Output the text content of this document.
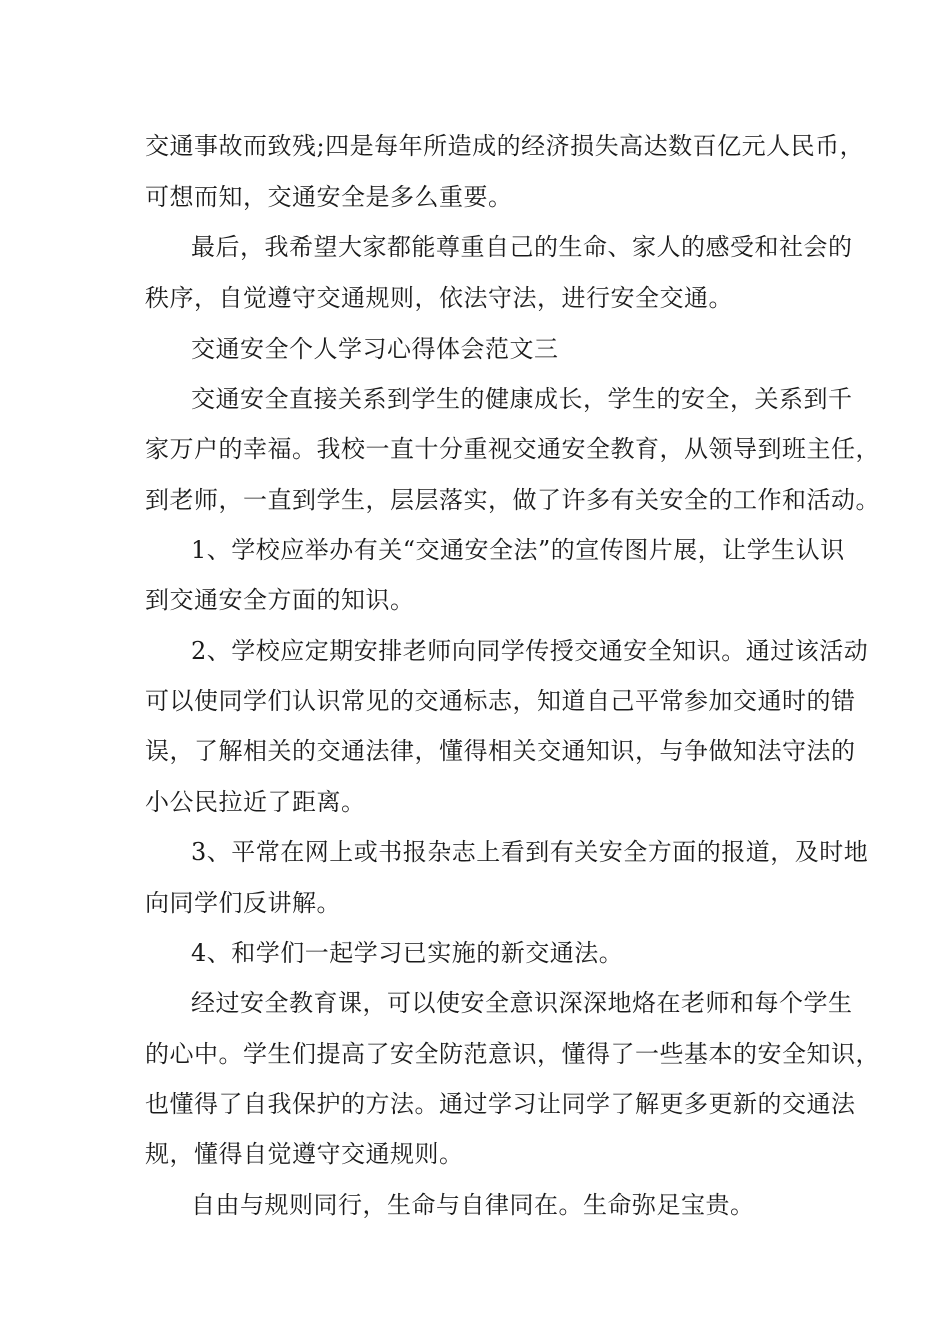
交通事故而致残;四是每年所造成的经济损失高达数百亿元人民币，
可想而知，交通安全是多么重要。
最后，我希望大家都能尊重自己的生命、家人的感受和社会的
秩序，自觉遵守交通规则，依法守法，进行安全交通。
交通安全个人学习心得体会范文三
交通安全直接关系到学生的健康成长，学生的安全，关系到千
家万户的幸福。我校一直十分重视交通安全教育，从领导到班主任，
到老师，一直到学生，层层落实，做了许多有关安全的工作和活动。
1、学校应举办有关“交通安全法”的宣传图片展，让学生认识
到交通安全方面的知识。
2、学校应定期安排老师向同学传授交通安全知识。通过该活动
可以使同学们认识常见的交通标志，知道自己平常参加交通时的错
误，了解相关的交通法律，懂得相关交通知识，与争做知法守法的
小公民拉近了距离。
3、平常在网上或书报杂志上看到有关安全方面的报道，及时地
向同学们反讲解。
4、和学们一起学习已实施的新交通法。
经过安全教育课，可以使安全意识深深地烙在老师和每个学生
的心中。学生们提高了安全防范意识，懂得了一些基本的安全知识，
也懂得了自我保护的方法。通过学习让同学了解更多更新的交通法
规，懂得自觉遵守交通规则。
自由与规则同行，生命与自律同在。生命弥足宝贵。
